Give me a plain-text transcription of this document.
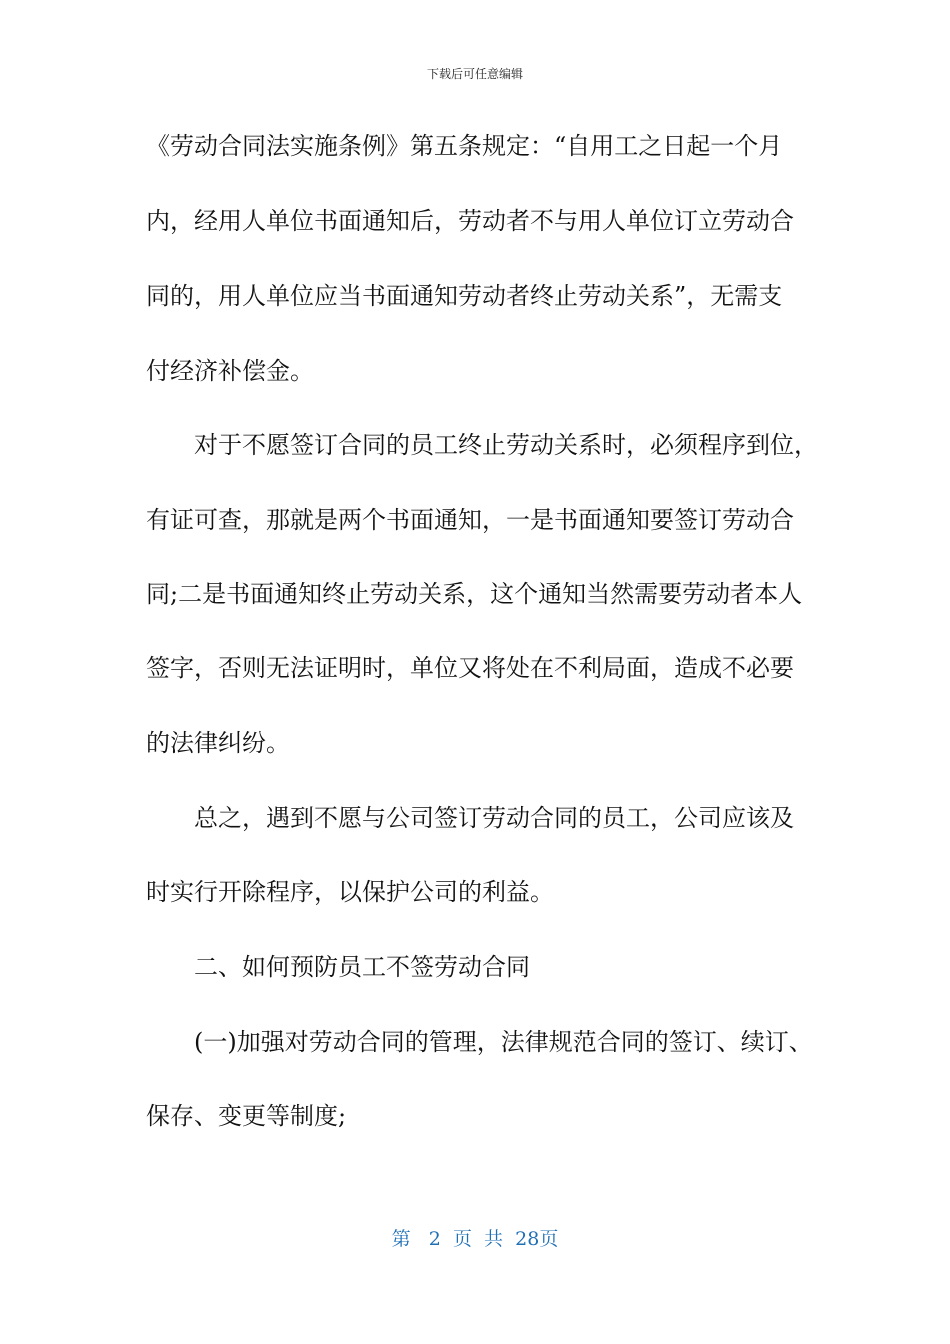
下载后可任意编辑
《劳动合同法实施条例》第五条规定：“自用工之日起一个月
内，经用人单位书面通知后，劳动者不与用人单位订立劳动合
同的，用人单位应当书面通知劳动者终止劳动关系”，无需支
付经济补偿金。
对于不愿签订合同的员工终止劳动关系时，必须程序到位，
有证可查，那就是两个书面通知，一是书面通知要签订劳动合
同;二是书面通知终止劳动关系，这个通知当然需要劳动者本人
签字，否则无法证明时，单位又将处在不利局面，造成不必要
的法律纠纷。
总之，遇到不愿与公司签订劳动合同的员工，公司应该及
时实行开除程序，以保护公司的利益。
二、如何预防员工不签劳动合同
(一)加强对劳动合同的管理，法律规范合同的签订、续订、
保存、变更等制度;
第 2 页  共 28页
